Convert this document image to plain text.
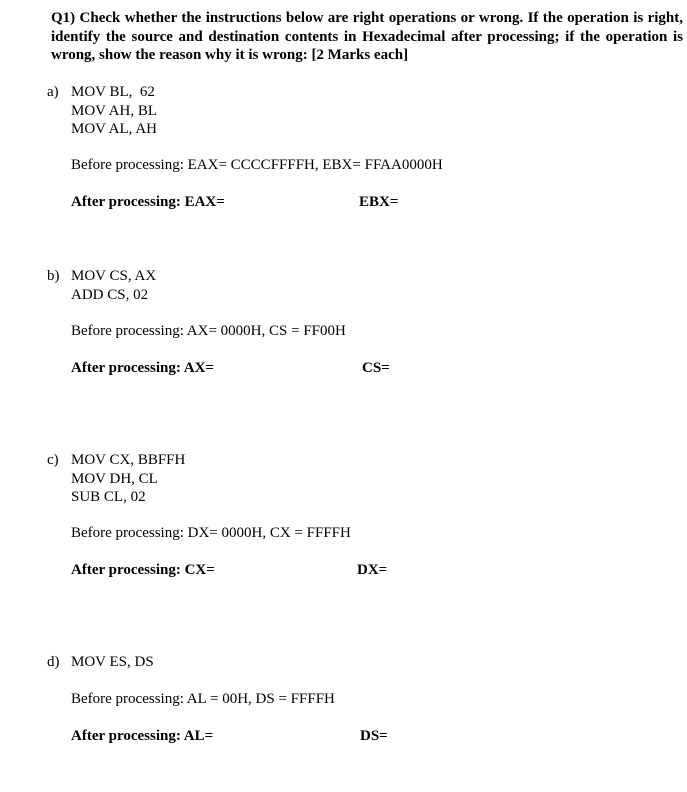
Q1) Check whether the instructions below are right operations or wrong. If the operation is right, identify the source and destination contents in Hexadecimal after processing; if the operation is wrong, show the reason why it is wrong: [2 Marks each]
a) MOV BL,  62
MOV AH, BL
MOV AL, AH
Before processing: EAX= CCCCFFFFH, EBX= FFAA0000H
After processing: EAX=	EBX=
b) MOV CS, AX
ADD CS, 02
Before processing: AX= 0000H, CS = FF00H
After processing: AX=	CS=
c) MOV CX, BBFFH
MOV DH, CL
SUB CL, 02
Before processing: DX= 0000H, CX = FFFFH
After processing: CX=	DX=
d) MOV ES, DS
Before processing: AL = 00H, DS = FFFFH
After processing: AL=	DS=
